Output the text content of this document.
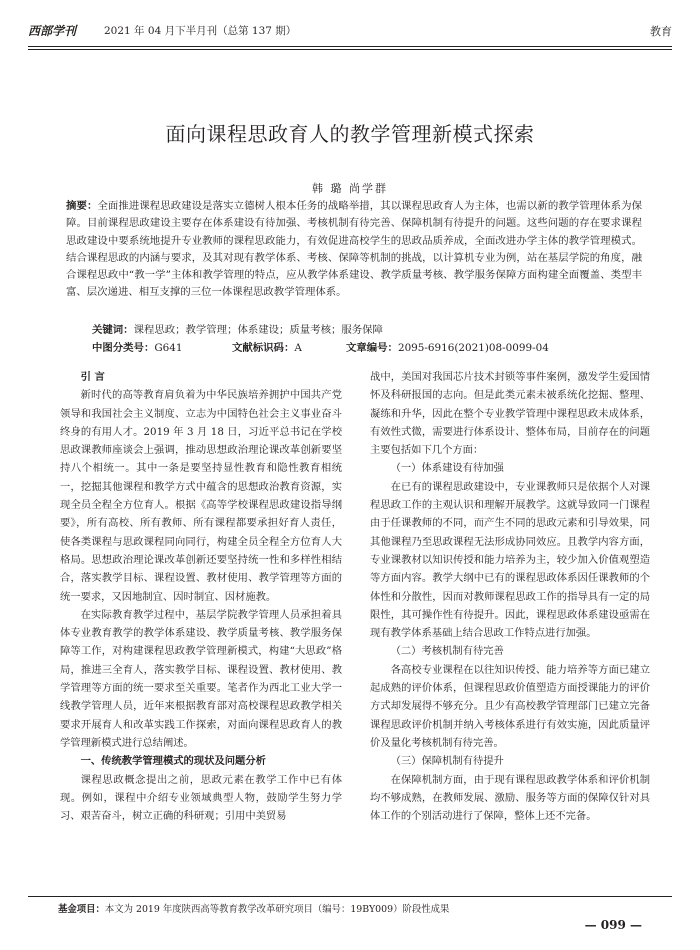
西部学刊	2021 年 04 月下半月刊（总第 137 期）	教育
面向课程思政育人的教学管理新模式探索
韩 璐 尚学群
摘要：全面推进课程思政建设是落实立德树人根本任务的战略举措，其以课程思政育人为主体，也需以新的教学管理体系为保障。目前课程思政建设主要存在体系建设有待加强、考核机制有待完善、保障机制有待提升的问题。这些问题的存在要求课程思政建设中要系统地提升专业教师的课程思政能力，有效促进高校学生的思政品质养成，全面改进办学主体的教学管理模式。结合课程思政的内涵与要求，及其对现有教学体系、考核、保障等机制的挑战，以计算机专业为例，站在基层学院的角度，融合课程思政中“教一学”主体和教学管理的特点，应从教学体系建设、教学质量考核、教学服务保障方面构建全面覆盖、类型丰富、层次递进、相互支撑的三位一体课程思政教学管理体系。
关键词：课程思政；教学管理；体系建设；质量考核；服务保障
中图分类号：G641	文献标识码：A	文章编号：2095-6916(2021)08-0099-04

引 言

新时代的高等教育肩负着为中华民族培养拥护中国共产党领导和我国社会主义制度、立志为中国特色社会主义事业奋斗终身的有用人才。2019 年 3 月 18 日，习近平总书记在学校思政课教师座谈会上强调，推动思想政治理论课改革创新要坚持八个相统一。其中一条是要坚持显性教育和隐性教育相统一，挖掘其他课程和教学方式中蕴含的思想政治教育资源，实现全员全程全方位育人。根据《高等学校课程思政建设指导纲要》，所有高校、所有教师、所有课程都要承担好育人责任，使各类课程与思政课程同向同行，构建全员全程全方位育人大格局。思想政治理论课改革创新还要坚持统一性和多样性相结合，落实教学目标、课程设置、教材使用、教学管理等方面的统一要求，又因地制宜、因时制宜、因材施教。

在实际教育教学过程中，基层学院教学管理人员承担着具体专业教育教学的教学体系建设、教学质量考核、教学服务保障等工作，对构建课程思政教学管理新模式，构建“大思政”格局，推进三全育人，落实教学目标、课程设置、教材使用、教学管理等方面的统一要求至关重要。笔者作为西北工业大学一线教学管理人员，近年来根据教育部对高校课程思政教学相关要求开展育人和改革实践工作探索，对面向课程思政育人的教学管理新模式进行总结阐述。

一、传统教学管理模式的现状及问题分析

课程思政概念提出之前，思政元素在教学工作中已有体现。例如，课程中介绍专业领域典型人物，鼓励学生努力学习、艰苦奋斗，树立正确的科研观；引用中美贸易

战中，美国对我国芯片技术封锁等事件案例，激发学生爱国情怀及科研报国的志向。但是此类元素未被系统化挖掘、整理、凝练和升华，因此在整个专业教学管理中课程思政未成体系，有效性式微，需要进行体系设计、整体布局，目前存在的问题主要包括如下几个方面：

（一）体系建设有待加强

在已有的课程思政建设中，专业课教师只是依据个人对课程思政工作的主观认识和理解开展教学。这就导致同一门课程由于任课教师的不同，而产生不同的思政元素和引导效果，同其他课程乃至思政课程无法形成协同效应。且教学内容方面，专业课教材以知识传授和能力培养为主，较少加入价值观塑造等方面内容。教学大纲中已有的课程思政体系因任课教师的个体性和分散性，因而对教师课程思政工作的指导具有一定的局限性，其可操作性有待提升。因此，课程思政体系建设亟需在现有教学体系基础上结合思政工作特点进行加强。

（二）考核机制有待完善

各高校专业课程在以往知识传授、能力培养等方面已建立起成熟的评价体系，但课程思政价值塑造方面授课能力的评价方式却发展得不够充分。且少有高校教学管理部门已建立完备课程思政评价机制并纳入考核体系进行有效实施，因此质量评价及量化考核机制有待完善。

（三）保障机制有待提升

在保障机制方面，由于现有课程思政教学体系和评价机制均不够成熟，在教师发展、激励、服务等方面的保障仅针对具体工作的个别活动进行了保障，整体上还不完备。

基金项目：本文为 2019 年度陕西高等教育教学改革研究项目（编号：19BY009）阶段性成果
— 099 —
